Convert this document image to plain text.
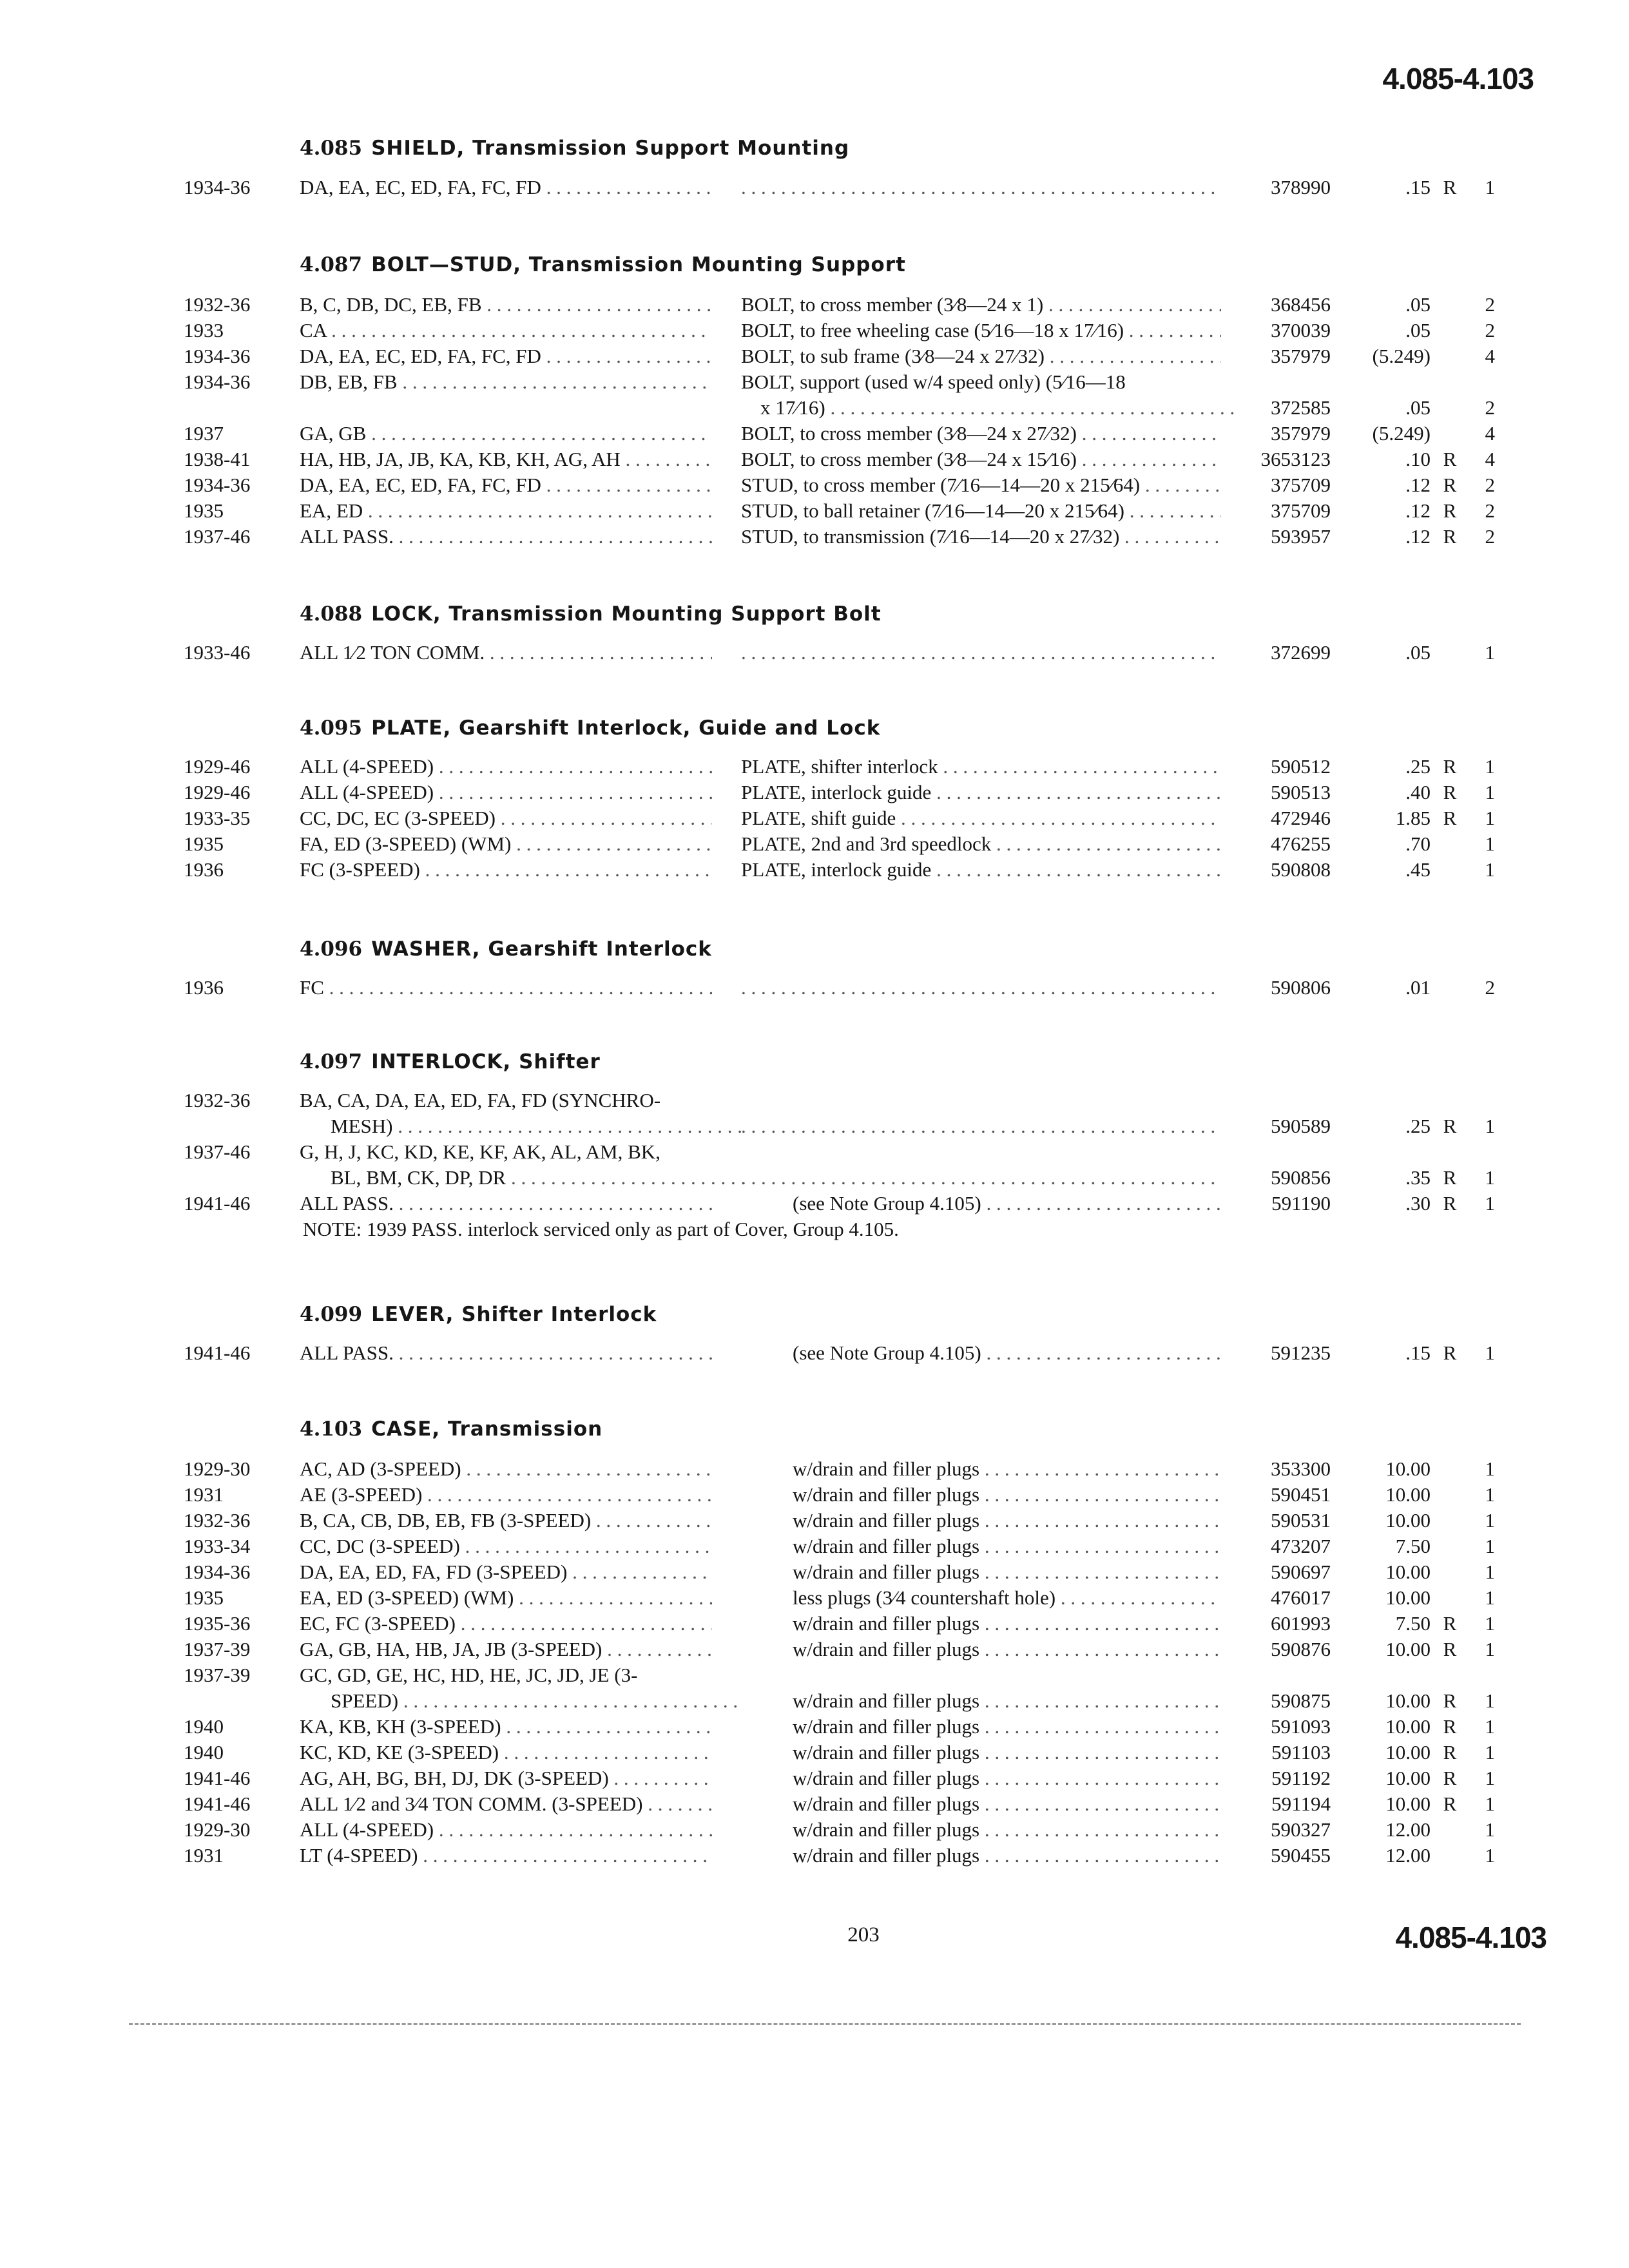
4.085-4.103
4.085 SHIELD, Transmission Support Mounting
1934-36 DA, EA, EC, ED, FA, FC, FD . . . . . .	378990	.15 R	1
4.087 BOLT—STUD, Transmission Mounting Support
1932-36 B, C, DB, DC, EB, FB . . .	BOLT, to cross member (3⁄8—24 x 1) . . .	368456	.05	2
1933	CA . . .	BOLT, to free wheeling case (5⁄16—18 x 17⁄16) . . .	370039	.05	2
1934-36 DA, EA, EC, ED, FA, FC, FD . . .	BOLT, to sub frame (3⁄8—24 x 27⁄32) . . .	357979	(5.249)	4
1934-36 DB, EB, FB . . .	BOLT, support (used w/4 speed only) (5⁄16—18
x 17⁄16) . . .	372585	.05	2
1937	GA, GB . . .	BOLT, to cross member (3⁄8—24 x 27⁄32) . . .	357979	(5.249)	4
1938-41 HA, HB, JA, JB, KA, KB, KH, AG, AH . . .	BOLT, to cross member (3⁄8—24 x 15⁄16) . . .	3653123	.10 R	4
1934-36 DA, EA, EC, ED, FA, FC, FD . . .	STUD, to cross member (7⁄16—14—20 x 215⁄64) . . .	375709	.12 R	2
1935	EA, ED . . .	STUD, to ball retainer (7⁄16—14—20 x 215⁄64) . . .	375709	.12 R	2
1937-46 ALL PASS. . . .	STUD, to transmission (7⁄16—14—20 x 27⁄32) . . .	593957	.12 R	2
4.088 LOCK, Transmission Mounting Support Bolt
1933-46 ALL 1⁄2 TON COMM. . . . . . .	372699	.05	1
4.095 PLATE, Gearshift Interlock, Guide and Lock
1929-46 ALL (4-SPEED) . . .	PLATE, shifter interlock . . .	590512	.25 R	1
1929-46 ALL (4-SPEED) . . .	PLATE, interlock guide . . .	590513	.40 R	1
1933-35 CC, DC, EC (3-SPEED) . . .	PLATE, shift guide . . .	472946	1.85 R	1
1935	FA, ED (3-SPEED) (WM) . . .	PLATE, 2nd and 3rd speedlock . . .	476255	.70	1
1936	FC (3-SPEED) . . .	PLATE, interlock guide . . .	590808	.45	1
4.096 WASHER, Gearshift Interlock
1936	FC . . . . . .	590806	.01	2
4.097 INTERLOCK, Shifter
1932-36 BA, CA, DA, EA, ED, FA, FD (SYNCHRO-
MESH) . . . . . .	590589	.25 R	1
1937-46 G, H, J, KC, KD, KE, KF, AK, AL, AM, BK,
BL, BM, CK, DP, DR . . . . . .	590856	.35 R	1
1941-46 ALL PASS. . . .	(see Note Group 4.105) . . .	591190	.30 R	1
NOTE: 1939 PASS. interlock serviced only as part of Cover, Group 4.105.
4.099 LEVER, Shifter Interlock
1941-46 ALL PASS. . . .	(see Note Group 4.105) . . .	591235	.15 R	1
4.103 CASE, Transmission
1929-30 AC, AD (3-SPEED) . . .	w/drain and filler plugs . . .	353300	10.00	1
1931	AE (3-SPEED) . . .	w/drain and filler plugs . . .	590451	10.00	1
1932-36 B, CA, CB, DB, EB, FB (3-SPEED) . . .	w/drain and filler plugs . . .	590531	10.00	1
1933-34 CC, DC (3-SPEED) . . .	w/drain and filler plugs . . .	473207	7.50	1
1934-36 DA, EA, ED, FA, FD (3-SPEED) . . .	w/drain and filler plugs . . .	590697	10.00	1
1935	EA, ED (3-SPEED) (WM) . . .	less plugs (3⁄4 countershaft hole) . . .	476017	10.00	1
1935-36 EC, FC (3-SPEED) . . .	w/drain and filler plugs . . .	601993	7.50 R	1
1937-39 GA, GB, HA, HB, JA, JB (3-SPEED) . . .	w/drain and filler plugs . . .	590876	10.00 R	1
1937-39 GC, GD, GE, HC, HD, HE, JC, JD, JE (3-
SPEED) . . .	w/drain and filler plugs . . .	590875	10.00 R	1
1940	KA, KB, KH (3-SPEED) . . .	w/drain and filler plugs . . .	591093	10.00 R	1
1940	KC, KD, KE (3-SPEED) . . .	w/drain and filler plugs . . .	591103	10.00 R	1
1941-46 AG, AH, BG, BH, DJ, DK (3-SPEED) . . .	w/drain and filler plugs . . .	591192	10.00 R	1
1941-46 ALL 1⁄2 and 3⁄4 TON COMM. (3-SPEED) . . .	w/drain and filler plugs . . .	591194	10.00 R	1
1929-30 ALL (4-SPEED) . . .	w/drain and filler plugs . . .	590327	12.00	1
1931	LT (4-SPEED) . . .	w/drain and filler plugs . . .	590455	12.00	1
203	4.085-4.103
